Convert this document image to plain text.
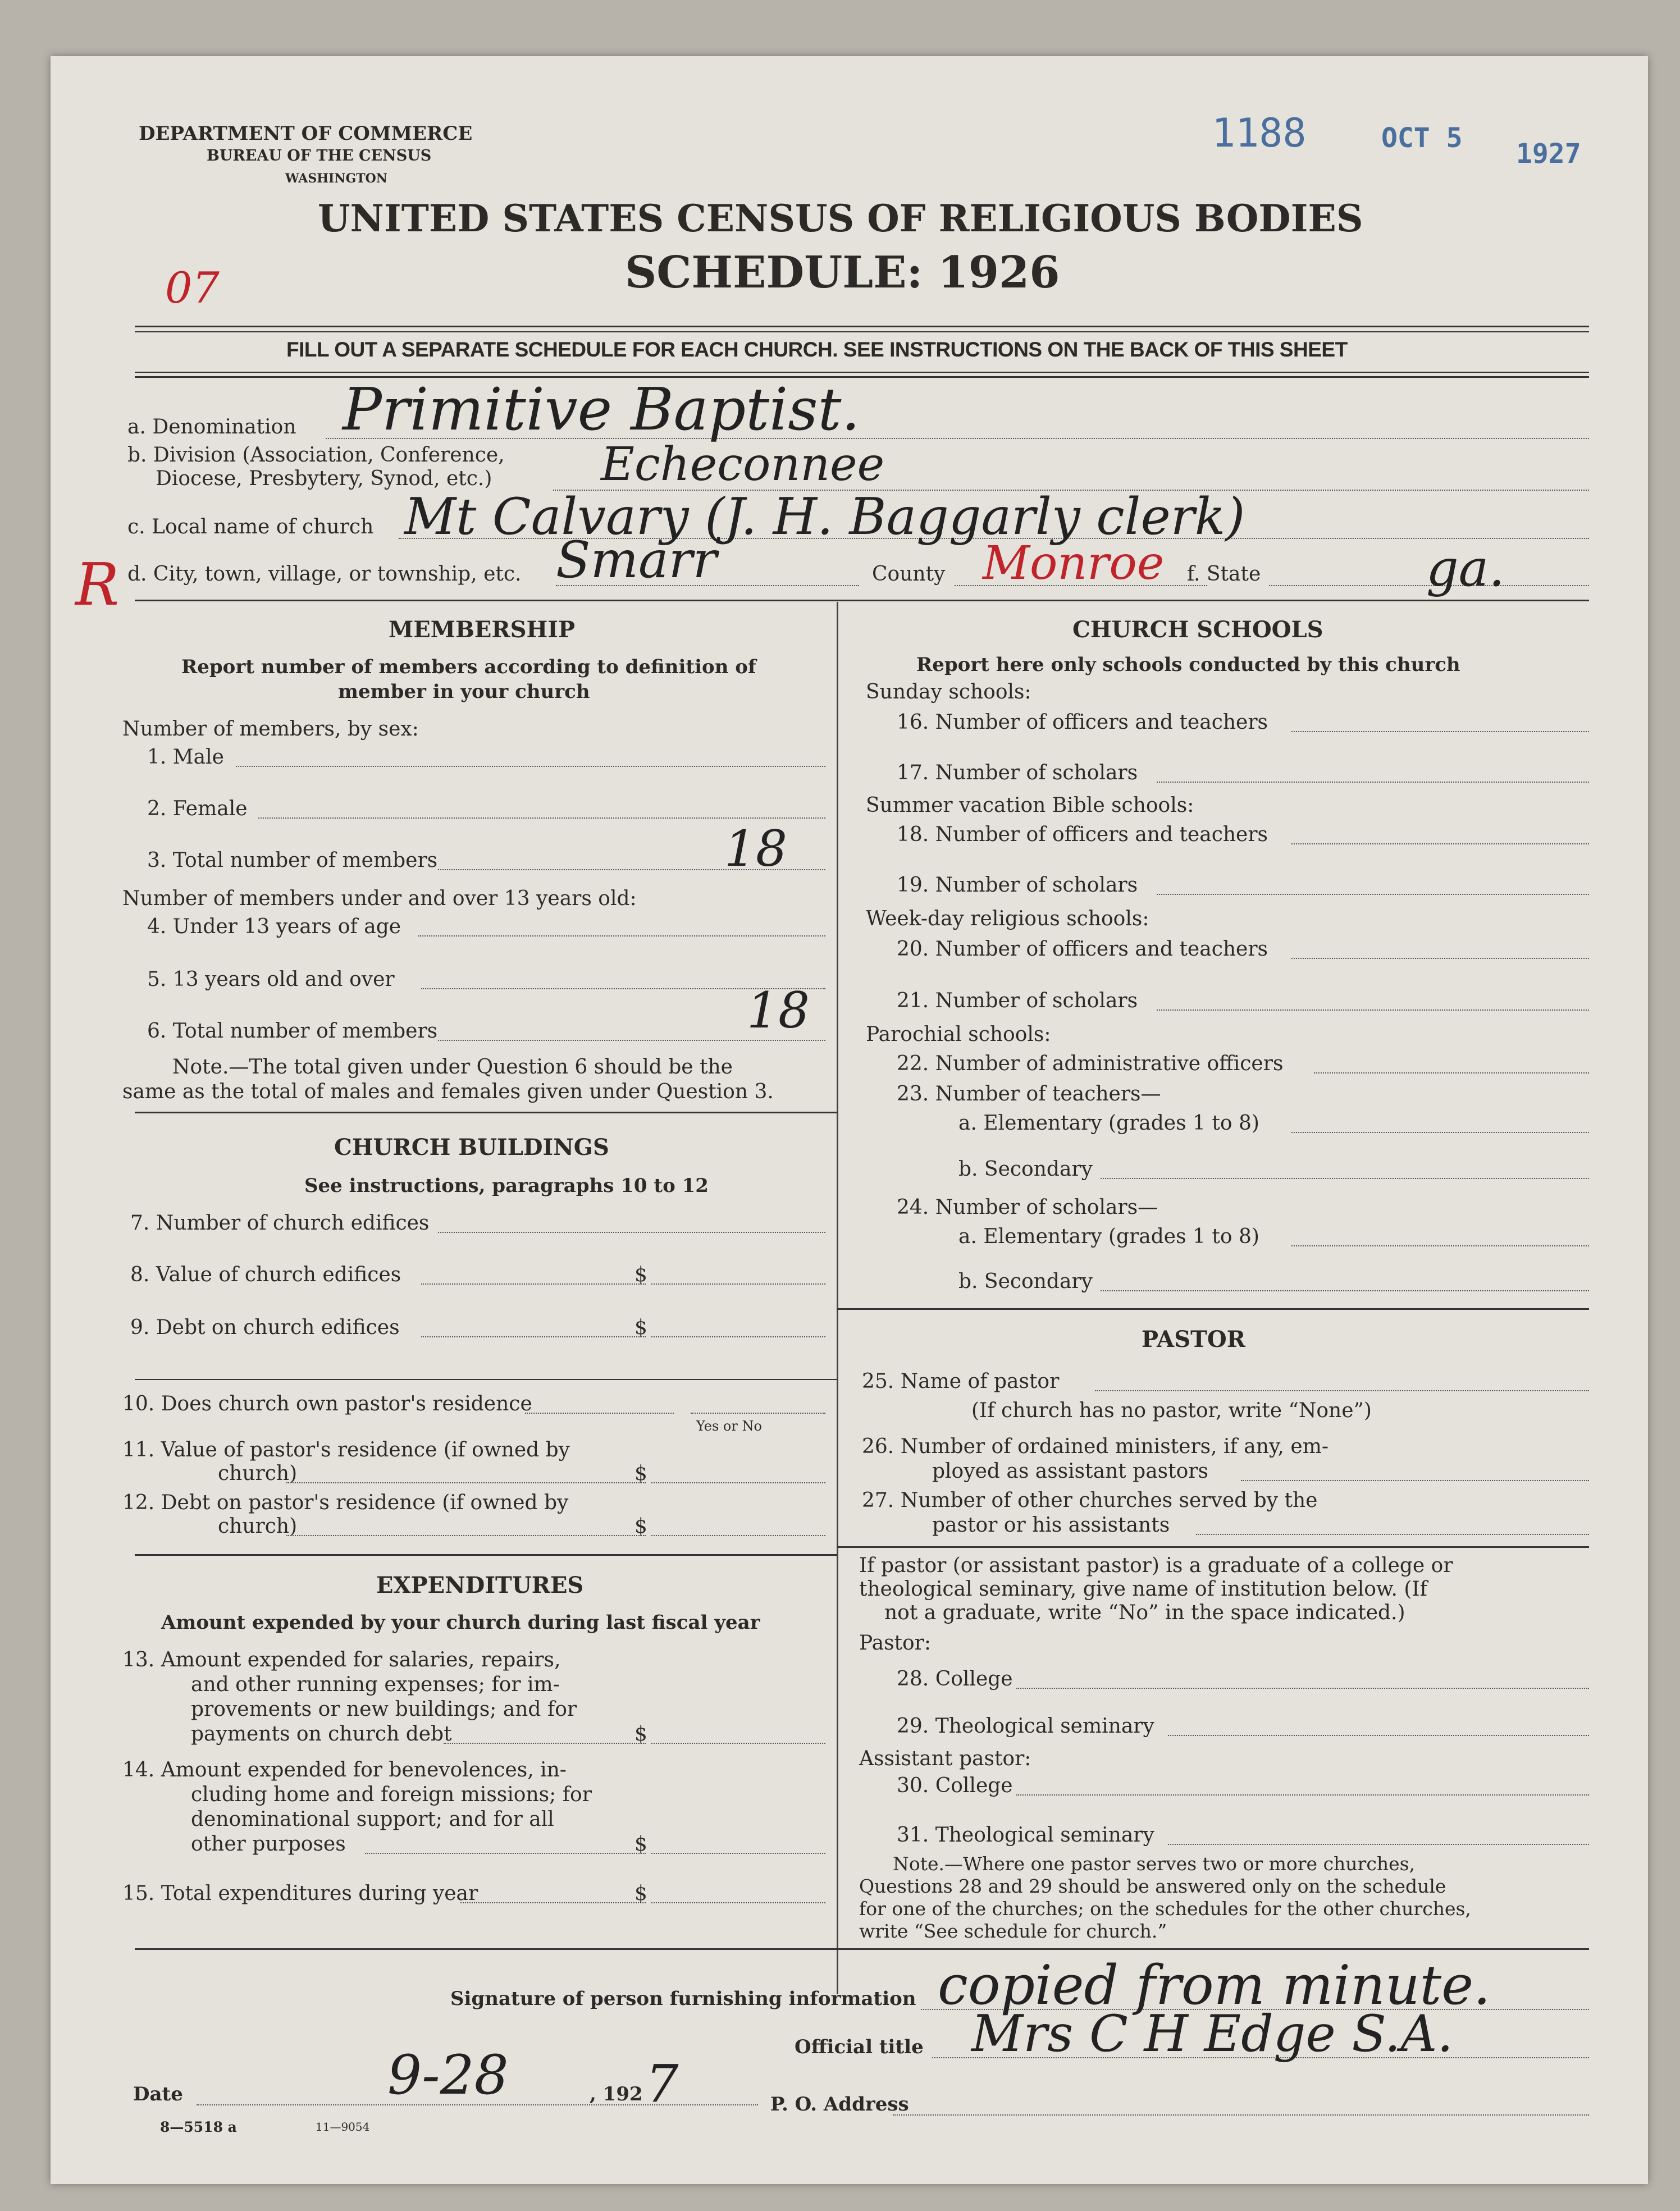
DEPARTMENT OF COMMERCE
BUREAU OF THE CENSUS
WASHINGTON
1188	OCT 5 1927
UNITED STATES CENSUS OF RELIGIOUS BODIES
SCHEDULE: 1926
07
FILL OUT A SEPARATE SCHEDULE FOR EACH CHURCH. SEE INSTRUCTIONS ON THE BACK OF THIS SHEET
a. Denomination Primitive Baptist.
b. Division (Association, Conference,
Diocese, Presbytery, Synod, etc.) Echeconnee
c. Local name of church Mt Calvary (J. H. Baggarly clerk)
R d. City, town, village, or township, etc. Smarr	County Monroe f. State	ga.
MEMBERSHIP
Report number of members according to definition of
member in your church
Number of members, by sex:
1. Male
2. Female
3. Total number of members	18
Number of members under and over 13 years old:
4. Under 13 years of age
5. 13 years old and over
6. Total number of members	18
Note.—The total given under Question 6 should be the
same as the total of males and females given under Question 3.
CHURCH BUILDINGS
See instructions, paragraphs 10 to 12
7. Number of church edifices
8. Value of church edifices	$
9. Debt on church edifices	$
10. Does church own pastor's residence
Yes or No
11. Value of pastor's residence (if owned by
church)	$
12. Debt on pastor's residence (if owned by
church)	$
EXPENDITURES
Amount expended by your church during last fiscal year
13. Amount expended for salaries, repairs,
and other running expenses; for im-
provements or new buildings; and for
payments on church debt	$
14. Amount expended for benevolences, in-
cluding home and foreign missions; for
denominational support; and for all
other purposes	$
15. Total expenditures during year	$
CHURCH SCHOOLS
Report here only schools conducted by this church
Sunday schools:
16. Number of officers and teachers
17. Number of scholars
Summer vacation Bible schools:
18. Number of officers and teachers
19. Number of scholars
Week-day religious schools:
20. Number of officers and teachers
21. Number of scholars
Parochial schools:
22. Number of administrative officers
23. Number of teachers—
a. Elementary (grades 1 to 8)
b. Secondary
24. Number of scholars—
a. Elementary (grades 1 to 8)
b. Secondary
PASTOR
25. Name of pastor
(If church has no pastor, write “None”)
26. Number of ordained ministers, if any, em-
ployed as assistant pastors
27. Number of other churches served by the
pastor or his assistants
If pastor (or assistant pastor) is a graduate of a college or
theological seminary, give name of institution below. (If
not a graduate, write “No” in the space indicated.)
Pastor:
28. College
29. Theological seminary
Assistant pastor:
30. College
31. Theological seminary
Note.—Where one pastor serves two or more churches,
Questions 28 and 29 should be answered only on the schedule
for one of the churches; on the schedules for the other churches,
write “See schedule for church.”
Signature of person furnishing information copied from minute.
Official title Mrs C H Edge S.A.
Date	9-28	, 192 7	P. O. Address
8—5518 a	11—9054
